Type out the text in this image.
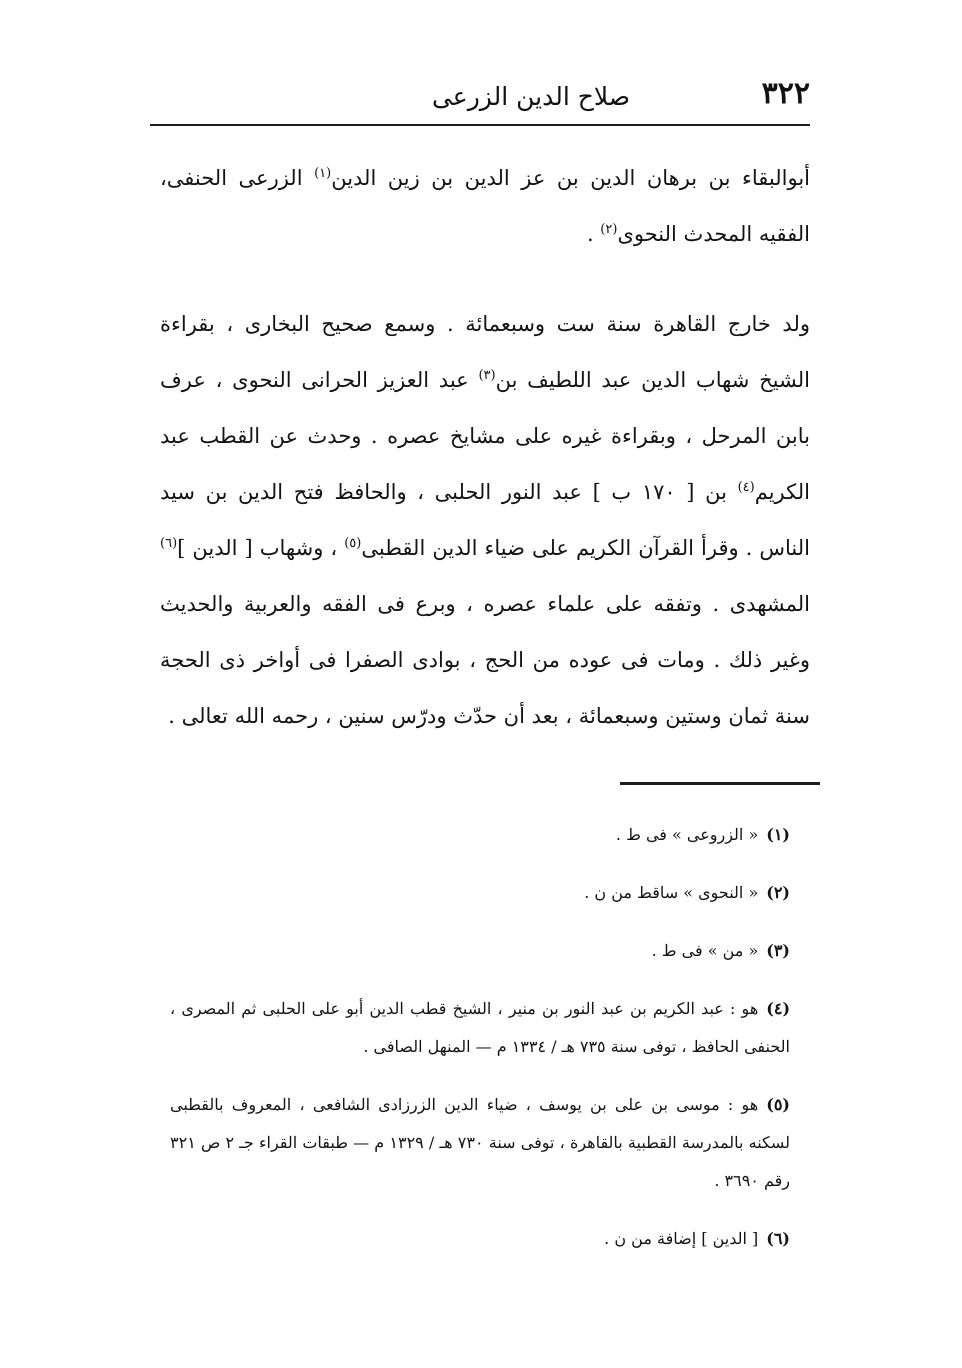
٣٢٢
صلاح الدين الزرعى

أبوالبقاء بن برهان الدين بن عز الدين بن زين الدين$^{(١)}$ الزرعى الحنفى، الفقيه المحدث النحوى$^{(٢)}$ .

ولد خارج القاهرة سنة ست وسبعمائة . وسمع صحيح البخارى ، بقراءة الشيخ شهاب الدين عبد اللطيف بن$^{(٣)}$ عبد العزيز الحرانى النحوى ، عرف بابن المرحل ، وبقراءة غيره على مشايخ عصره . وحدث عن القطب عبد الكريم$^{(٤)}$ بن [ ١٧٠ ب ] عبد النور الحلبى ، والحافظ فتح الدين بن سيد الناس . وقرأ القرآن الكريم على ضياء الدين القطبى$^{(٥)}$ ، وشهاب [ الدين ]$^{(٦)}$ المشهدى . وتفقه على علماء عصره ، وبرع فى الفقه والعربية والحديث وغير ذلك . ومات فى عوده من الحج ، بوادى الصفرا فى أواخر ذى الحجة سنة ثمان وستين وسبعمائة ، بعد أن حدّث ودرّس سنين ، رحمه الله تعالى .

(١)« الزروعى » فى ط .

(٢)« النحوى » ساقط من ن .

(٣)« من » فى ط .

(٤)هو : عبد الكريم بن عبد النور بن منير ، الشيخ قطب الدين أبو على الحلبى ثم المصرى ، الحنفى الحافظ ، توفى سنة ٧٣٥ هـ / ١٣٣٤ م — المنهل الصافى .

(٥)هو : موسى بن على بن يوسف ، ضياء الدين الزرزادى الشافعى ، المعروف بالقطبى لسكنه بالمدرسة القطبية بالقاهرة ، توفى سنة ٧٣٠ هـ / ١٣٢٩ م — طبقات القراء جـ ٢ ص ٣٢١ رقم ٣٦٩٠ .

(٦)[ الدين ] إضافة من ن .
